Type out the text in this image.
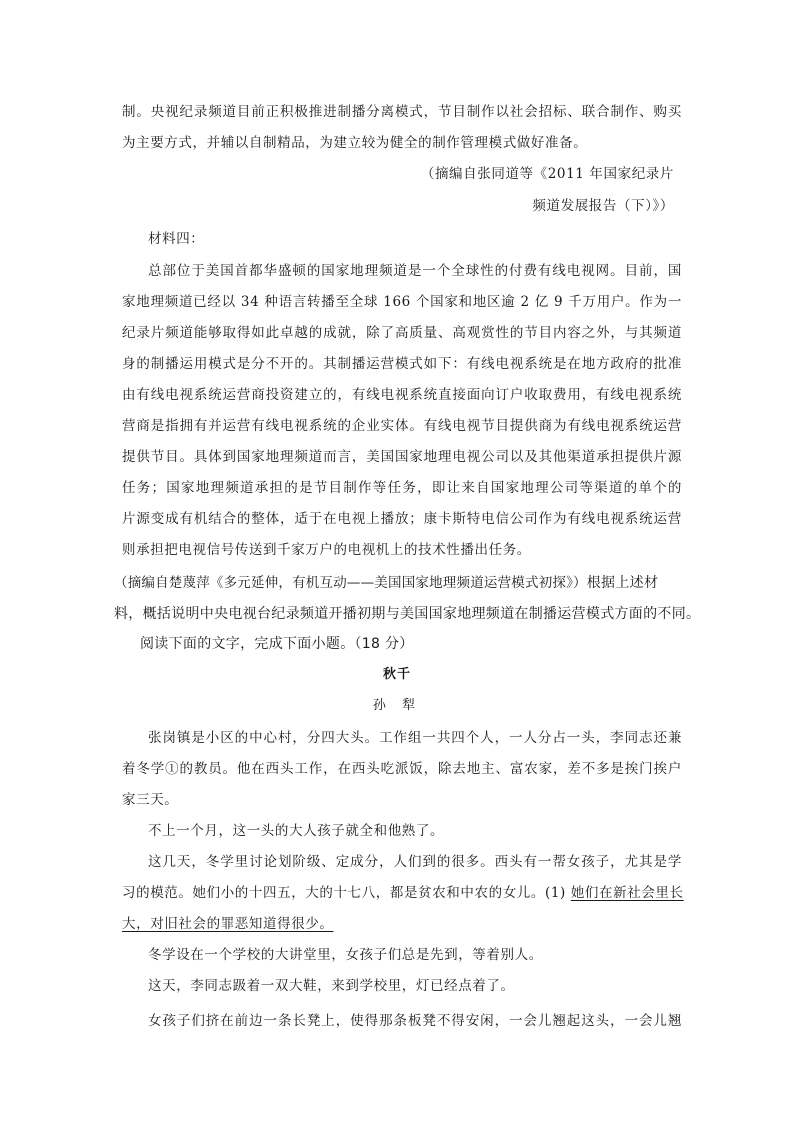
制。央视纪录频道目前正积极推进制播分离模式，节目制作以社会招标、联合制作、购买
为主要方式，并辅以自制精品，为建立较为健全的制作管理模式做好准备。
（摘编自张同道等《2011 年国家纪录片
频道发展报告（下）》）
材料四：
总部位于美国首都华盛顿的国家地理频道是一个全球性的付费有线电视网。目前，国
家地理频道已经以 34 种语言转播至全球 166 个国家和地区逾 2 亿 9 千万用户。作为一
纪录片频道能够取得如此卓越的成就，除了高质量、高观赏性的节目内容之外，与其频道
身的制播运用模式是分不开的。其制播运营模式如下：有线电视系统是在地方政府的批准
由有线电视系统运营商投资建立的，有线电视系统直接面向订户收取费用，有线电视系统
营商是指拥有并运营有线电视系统的企业实体。有线电视节目提供商为有线电视系统运营
提供节目。具体到国家地理频道而言，美国国家地理电视公司以及其他渠道承担提供片源
任务；国家地理频道承担的是节目制作等任务，即让来自国家地理公司等渠道的单个的
片源变成有机结合的整体，适于在电视上播放；康卡斯特电信公司作为有线电视系统运营
则承担把电视信号传送到千家万户的电视机上的技术性播出任务。
（摘编自楚蔑萍《多元延伸，有机互动——美国国家地理频道运营模式初探》）根据上述材
料，概括说明中央电视台纪录频道开播初期与美国国家地理频道在制播运营模式方面的不同。
阅读下面的文字，完成下面小题。（18 分）
秋千
孙 犁
张岗镇是小区的中心村，分四大头。工作组一共四个人，一人分占一头，李同志还兼
着冬学①的教员。他在西头工作，在西头吃派饭，除去地主、富农家，差不多是挨门挨户
家三天。
不上一个月，这一头的大人孩子就全和他熟了。
这几天，冬学里讨论划阶级、定成分，人们到的很多。西头有一帮女孩子，尤其是学
习的模范。她们小的十四五，大的十七八，都是贫农和中农的女儿。(1) 她们在新社会里长
大，对旧社会的罪恶知道得很少。
冬学设在一个学校的大讲堂里，女孩子们总是先到，等着别人。
这天，李同志趿着一双大鞋，来到学校里，灯已经点着了。
女孩子们挤在前边一条长凳上，使得那条板凳不得安闲，一会儿翘起这头，一会儿翘
